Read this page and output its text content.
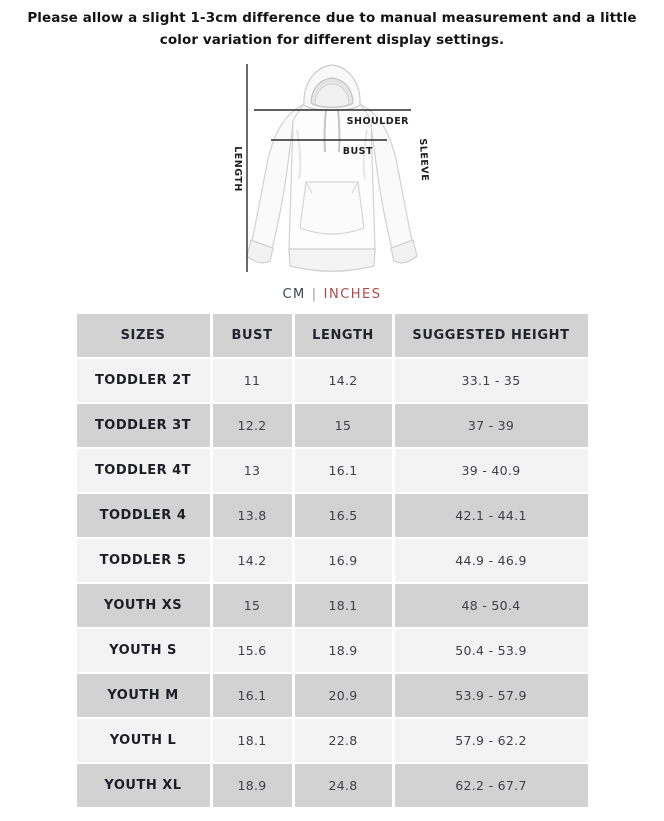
Please allow a slight 1-3cm difference due to manual measurement and a little color variation for different display settings.
SHOULDER
BUST
LENGTH	SLEEVE
CM | INCHES
SIZES	BUST	LENGTH	SUGGESTED HEIGHT
TODDLER 2T	11	14.2	33.1 - 35
TODDLER 3T	12.2	15	37 - 39
TODDLER 4T	13	16.1	39 - 40.9
TODDLER 4	13.8	16.5	42.1 - 44.1
TODDLER 5	14.2	16.9	44.9 - 46.9
YOUTH XS	15	18.1	48 - 50.4
YOUTH S	15.6	18.9	50.4 - 53.9
YOUTH M	16.1	20.9	53.9 - 57.9
YOUTH L	18.1	22.8	57.9 - 62.2
YOUTH XL	18.9	24.8	62.2 - 67.7
